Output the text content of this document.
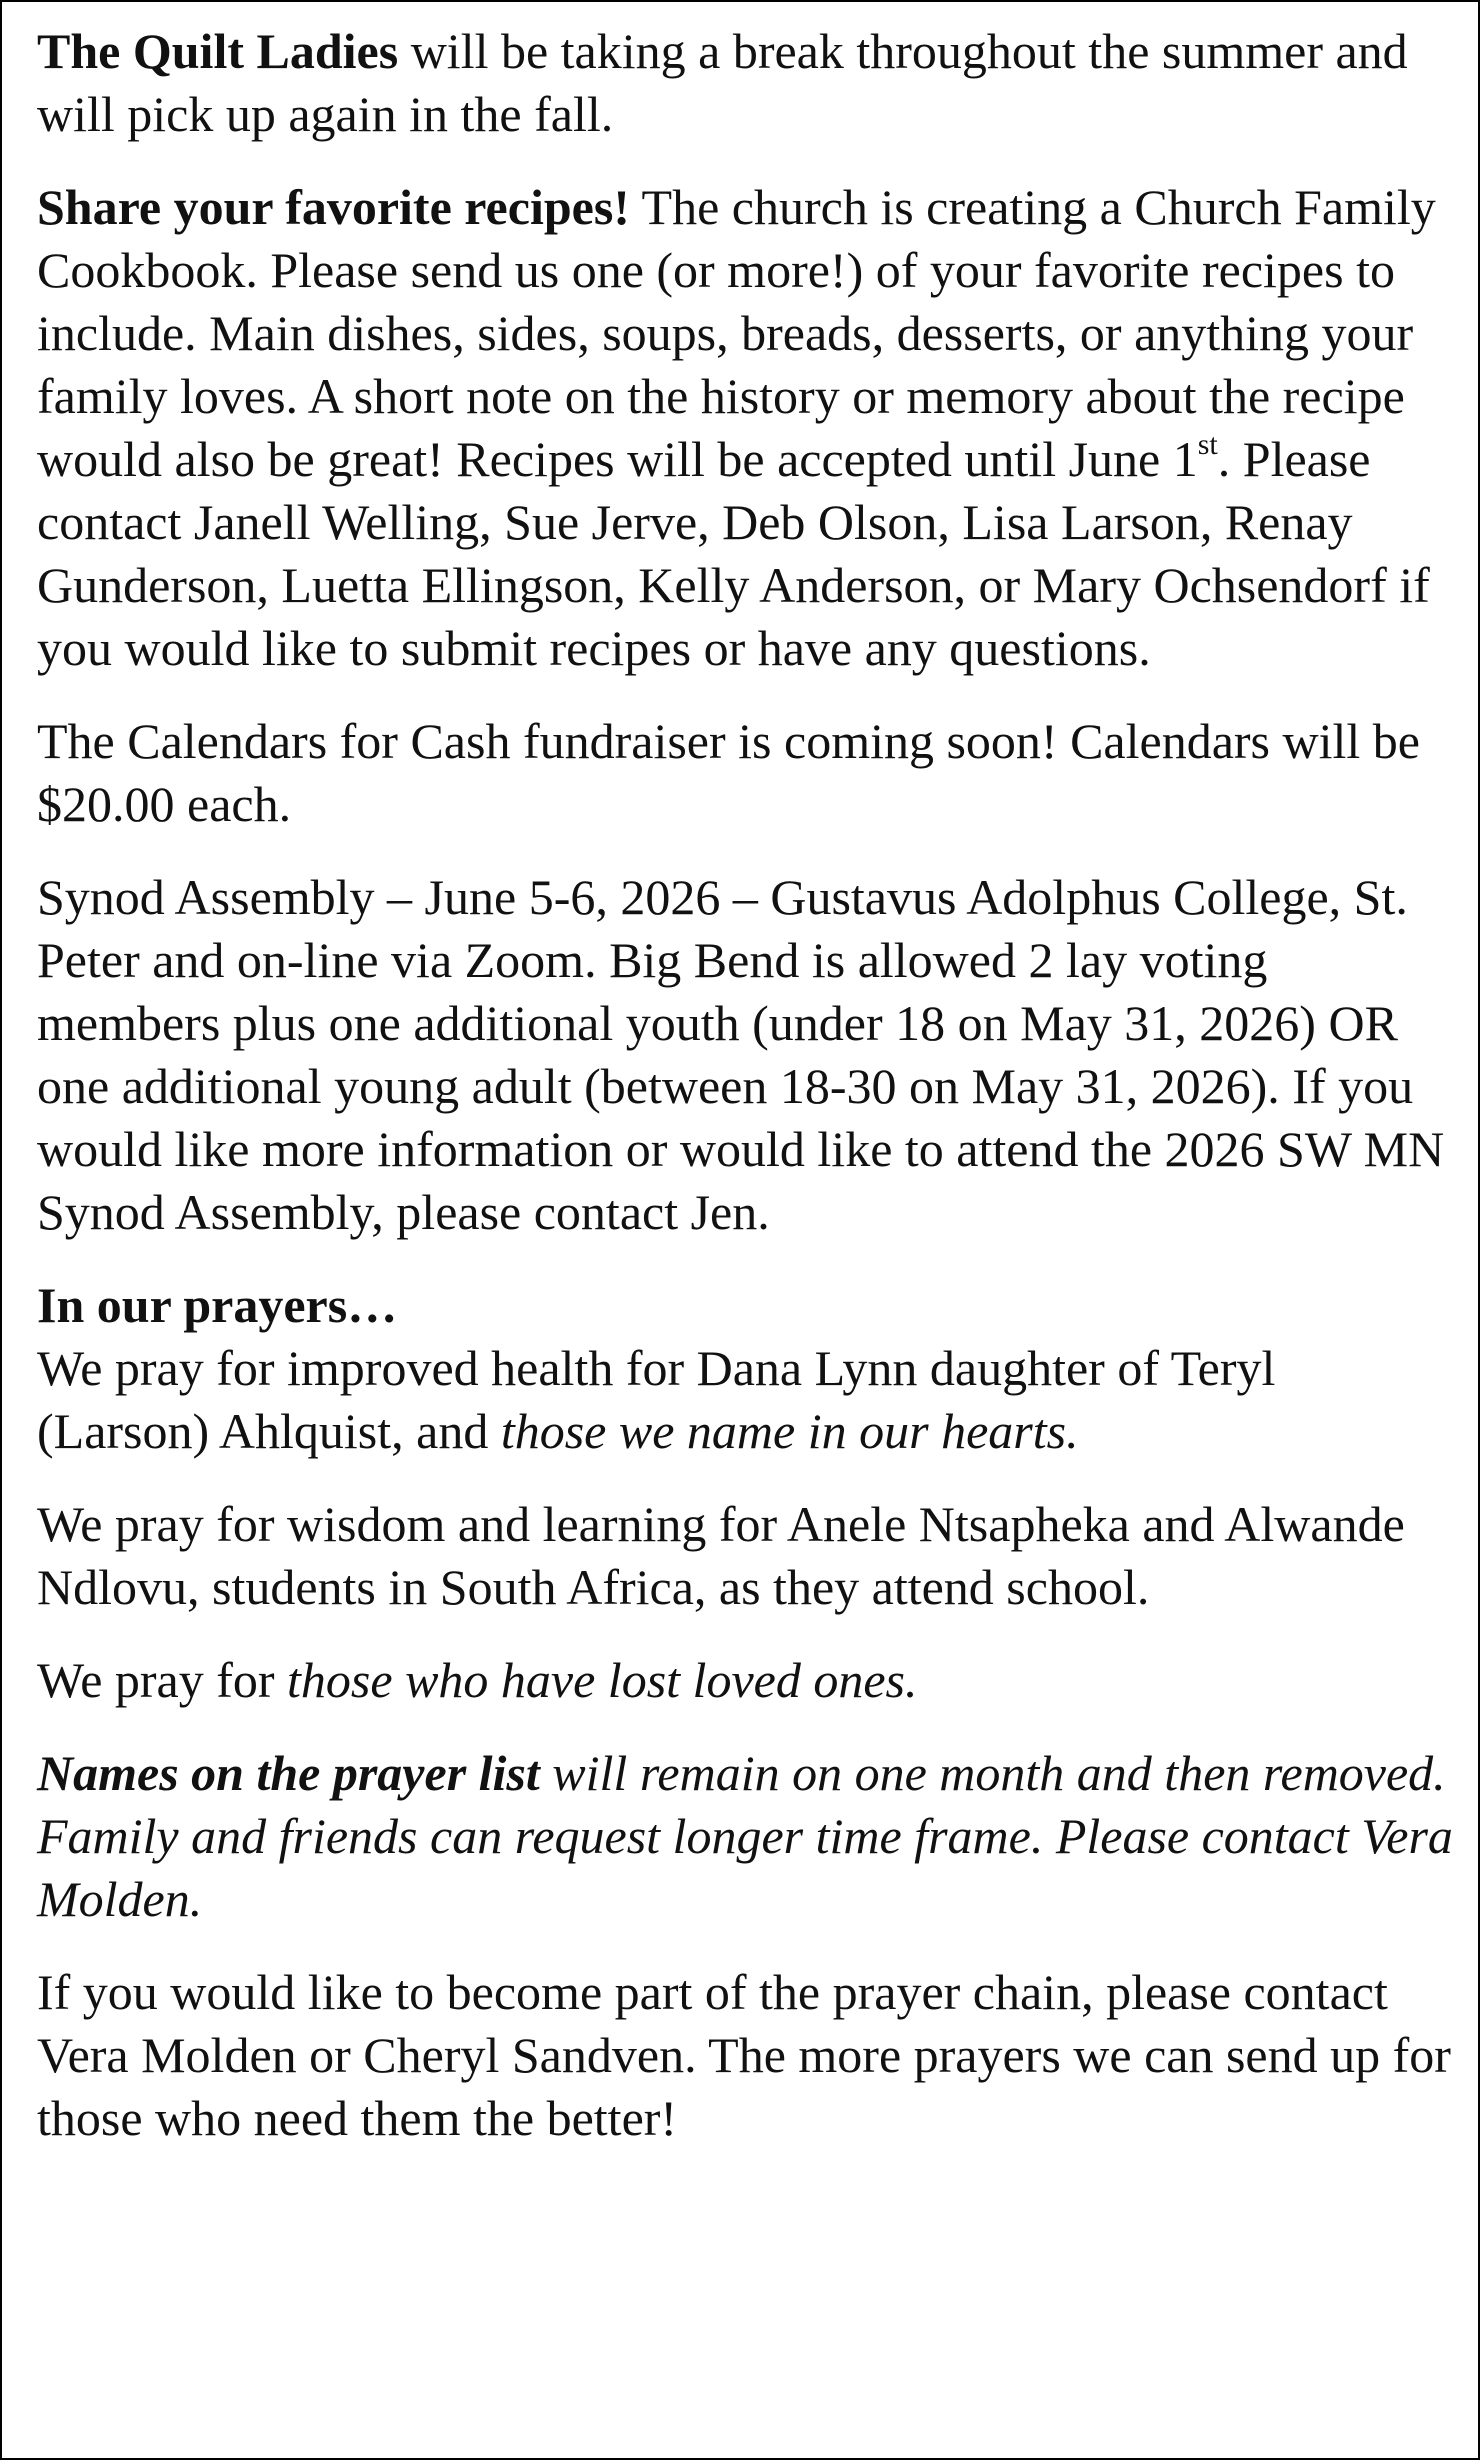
The Quilt Ladies will be taking a break throughout the summer and will pick up again in the fall.

Share your favorite recipes! The church is creating a Church Family Cookbook. Please send us one (or more!) of your favorite recipes to include. Main dishes, sides, soups, breads, desserts, or anything your family loves. A short note on the history or memory about the recipe would also be great! Recipes will be accepted until June 1st. Please contact Janell Welling, Sue Jerve, Deb Olson, Lisa Larson, Renay Gunderson, Luetta Ellingson, Kelly Anderson, or Mary Ochsendorf if you would like to submit recipes or have any questions.

The Calendars for Cash fundraiser is coming soon! Calendars will be $20.00 each.

Synod Assembly – June 5-6, 2026 – Gustavus Adolphus College, St. Peter and on-line via Zoom. Big Bend is allowed 2 lay voting members plus one additional youth (under 18 on May 31, 2026) OR one additional young adult (between 18-30 on May 31, 2026). If you would like more information or would like to attend the 2026 SW MN Synod Assembly, please contact Jen.

In our prayers…

We pray for improved health for Dana Lynn daughter of Teryl (Larson) Ahlquist, and those we name in our hearts.

We pray for wisdom and learning for Anele Ntsapheka and Alwande Ndlovu, students in South Africa, as they attend school.

We pray for those who have lost loved ones.

Names on the prayer list will remain on one month and then removed. Family and friends can request longer time frame. Please contact Vera Molden.

If you would like to become part of the prayer chain, please contact Vera Molden or Cheryl Sandven. The more prayers we can send up for those who need them the better!
